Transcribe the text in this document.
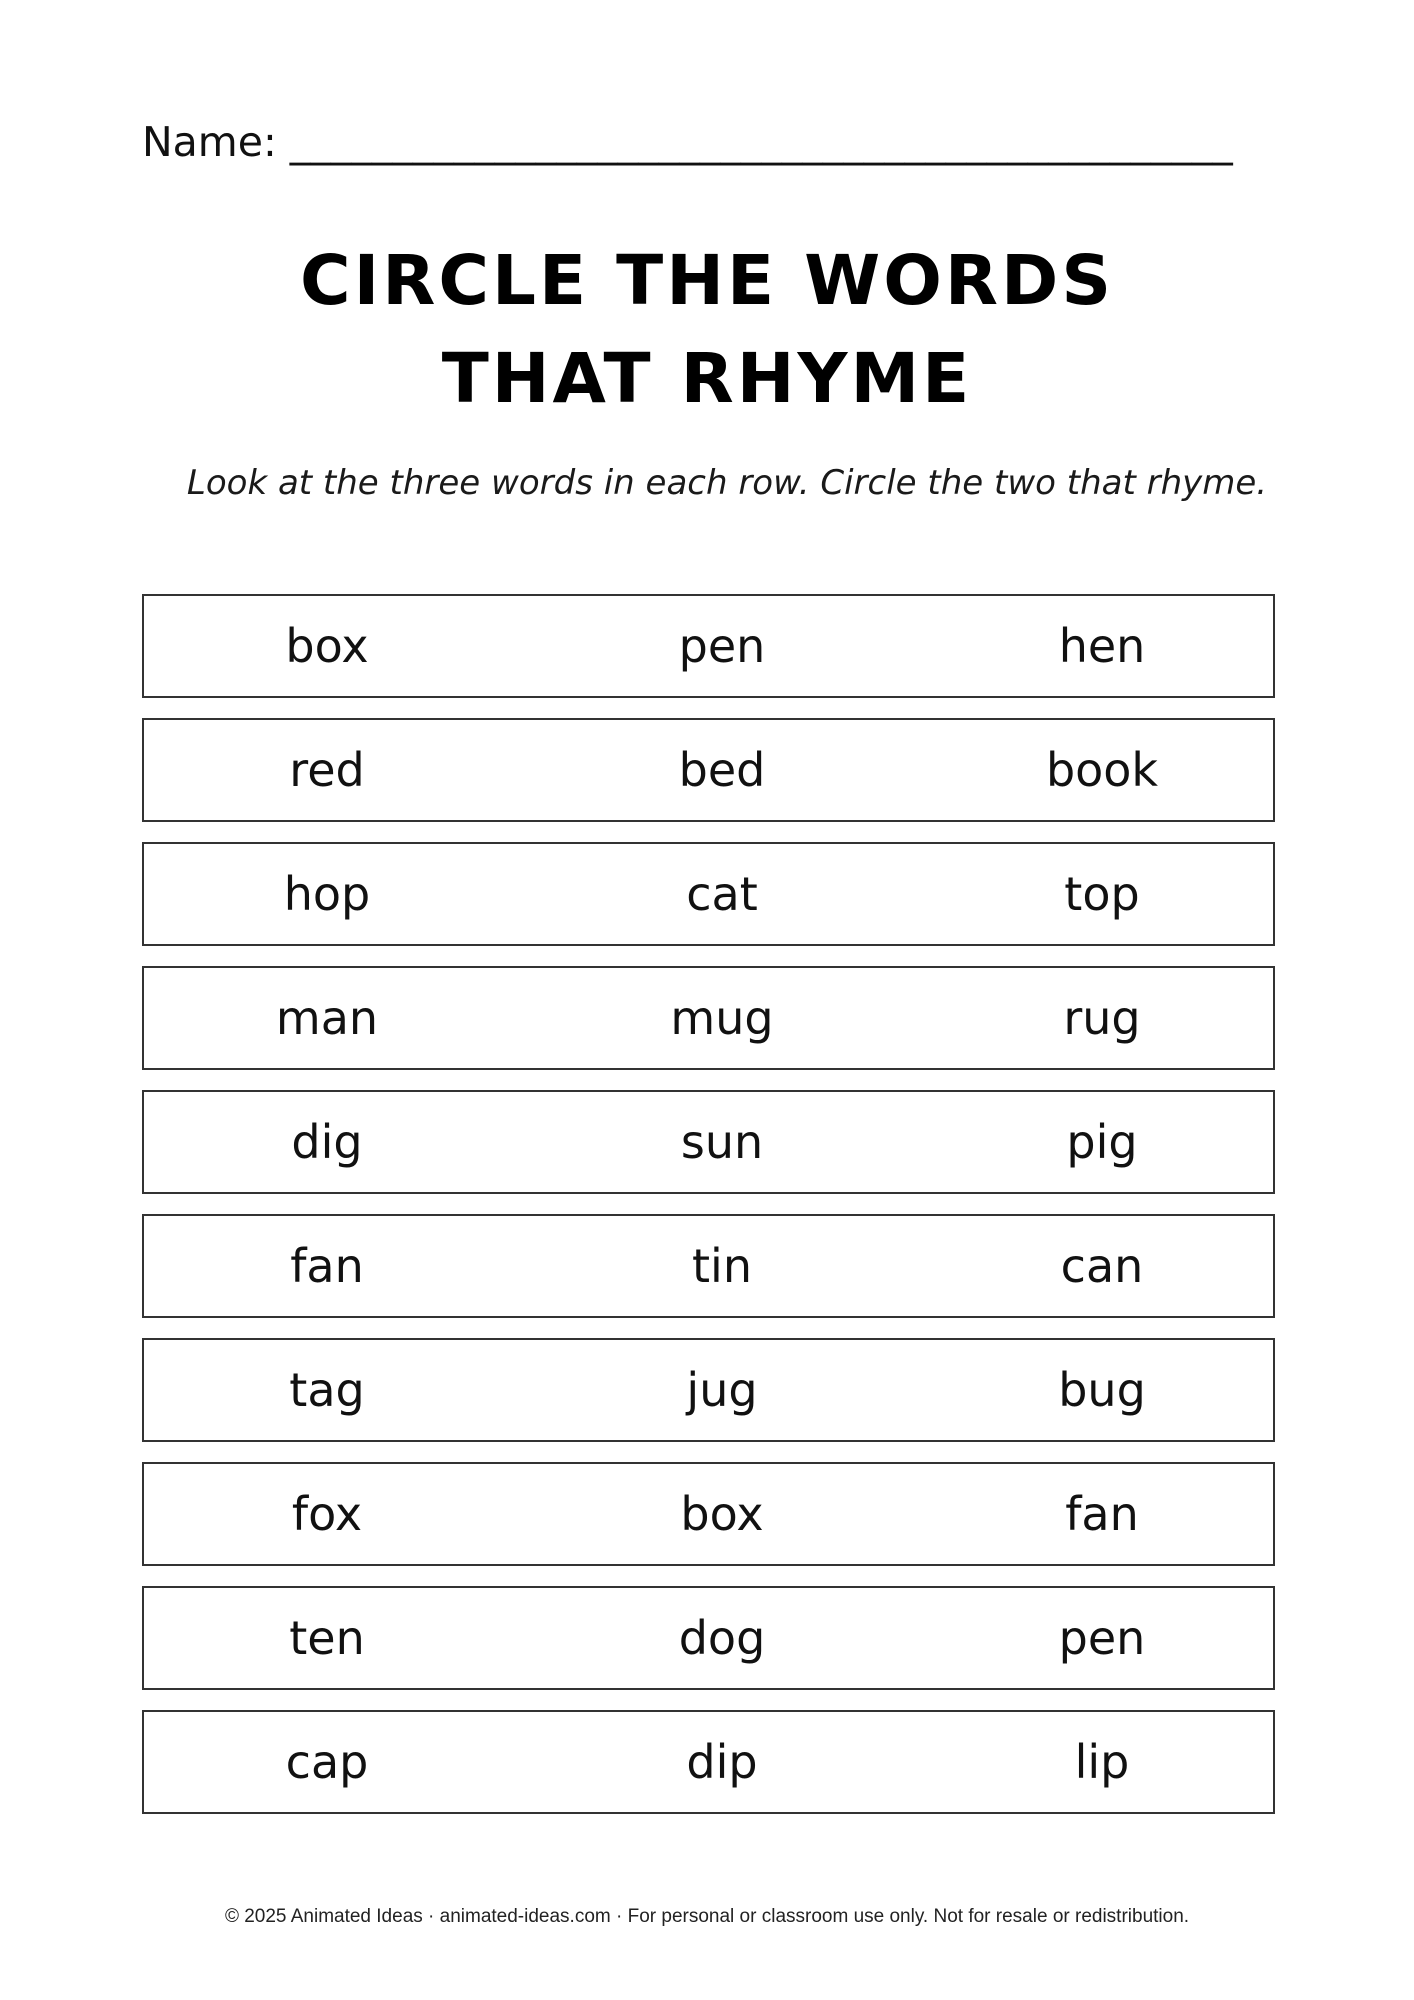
Name: ______________________________________________
CIRCLE THE WORDS
THAT RHYME
Look at the three words in each row. Circle the two that rhyme.
box	pen	hen
red	bed	book
hop	cat	top
man	mug	rug
dig	sun	pig
fan	tin	can
tag	jug	bug
fox	box	fan
ten	dog	pen
cap	dip	lip
© 2025 Animated Ideas · animated-ideas.com · For personal or classroom use only. Not for resale or redistribution.
